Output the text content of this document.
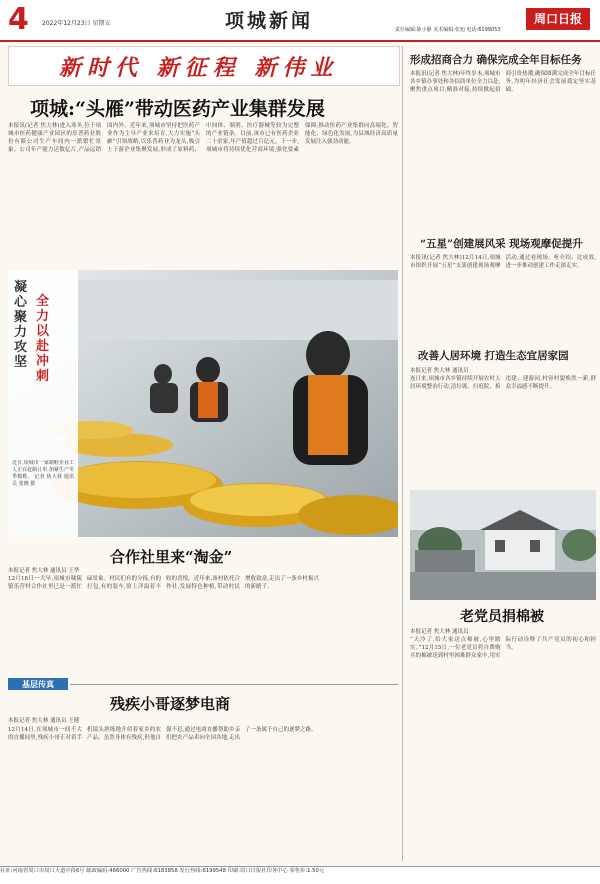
4	2022年12月23日 星期五	项城新闻	责任编辑:陈小静 美术编辑:张旭 电话:6199053
周口日报
新时代 新征程 新伟业
项城:“头雁”带动医药产业集群发展
本报讯(记者 焦大林)进入寒冬,位于项城市医药健康产业园区的乐普药业股份有限公司生产车间内一派繁忙景象。公司年产能力达数亿片,产品远销国内外。近年来,项城市坚持把医药产业作为主导产业来培育,大力实施“头雁”引领战略,以乐普药业为龙头,吸引上下游企业集聚发展,形成了原料药、中间体、制剂、医疗器械等较为完整的产业链条。目前,该市已有医药企业二十余家,年产值超过百亿元。下一步,项城市将持续优化营商环境,强化要素保障,推动医药产业集群向高端化、智能化、绿色化发展,为县域经济高质量发展注入强劲动能。
凝心聚力 攻坚
全力以赴 冲刺
近日,项城市一家制鞋企业工人正在赶制订单,加紧生产冬季棉鞋。 记者 焦大林 通讯员 张晓 摄
合作社里来“淘金”
本报记者 焦大林 通讯员 王华
12月18日一大早,项城市秣陵镇乐营村合作社里已是一派忙碌景象。村民们有的分拣,有的打包,有的装车,脸上洋溢着丰收的喜悦。近年来,该村依托合作社,发展特色种植,带动村民增收致富,走出了一条乡村振兴的新路子。
基层传真
残疾小哥逐梦电商
本报记者 焦大林 通讯员 王健
12月14日,在项城市一间不大的直播间里,残疾小哥正对着手机镜头熟练地介绍着家乡的农产品。虽然身体有残疾,但他自强不息,通过电商直播帮助乡亲们把农产品卖向全国各地,走出了一条属于自己的逐梦之路。
形成招商合力 确保完成全年目标任务
本报讯(记者 焦大林)年终岁末,项城市各乡镇办事处和各招商单位全力以赴,聚焦重点项目,精准对接,持续掀起招商引资热潮,确保圆满完成全年目标任务,为明年经济社会发展奠定坚实基础。
“五星”创建展风采 现场观摩促提升
本报讯(记者 焦大林)12月14日,项城市组织开展“五星”支部创建现场观摩活动,通过看现场、听介绍、比成效,进一步推动创建工作走深走实。
改善人居环境 打造生态宜居家园
本报记者 焦大林 通讯员
连日来,项城市各乡镇持续开展农村人居环境整治行动,清垃圾、扫庭院、拆违建、建游园,村容村貌焕然一新,群众幸福感不断提升。
老党员捐棉被
本报记者 焦大林 通讯员
“天冷了,给大家送点棉被,心里踏实。”12月15日,一位老党员将自费购买的棉被送到村里困难群众家中,用实际行动诠释了共产党员的初心和担当。
社址:河南省周口市周口大道中段6号 邮政编码:466000 广告热线:6183858 发行热线:6199548 印刷:周口日报社印务中心 零售价:1.50元
